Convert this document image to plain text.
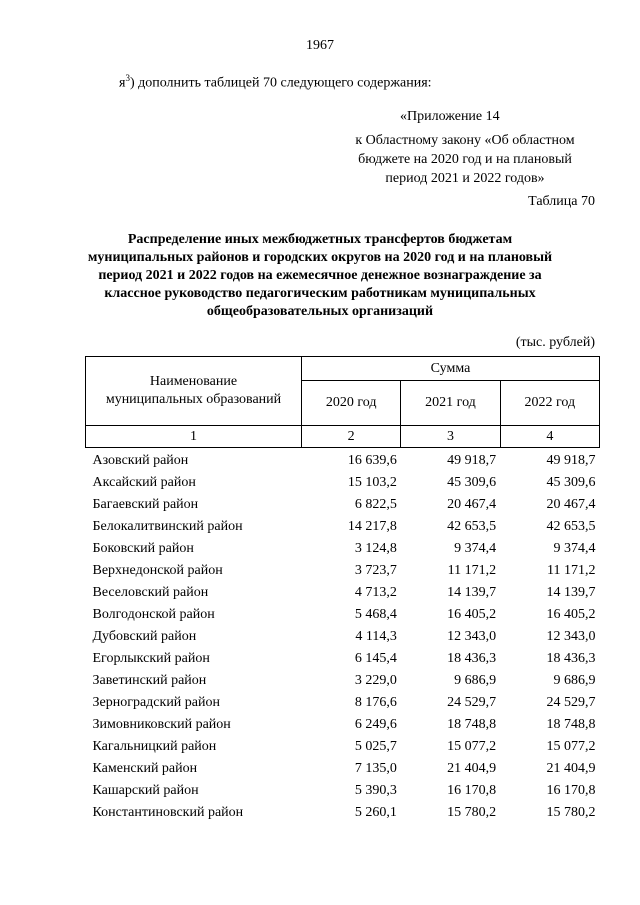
1967
$я^3$) дополнить таблицей 70 следующего содержания:
«Приложение 14
к Областному закону «Об областном
бюджете на 2020 год и на плановый
период 2021 и 2022 годов»
Таблица 70
Распределение иных межбюджетных трансфертов бюджетам
муниципальных районов и городских округов на 2020 год и на плановый
период 2021 и 2022 годов на ежемесячное денежное вознаграждение за
классное руководство педагогическим работникам муниципальных
общеобразовательных организаций
(тыс. рублей)
Наименование
муниципальных образований	Сумма		
	2020 год	2021 год	2022 год
1	2	3	4
Азовский район	16 639,6	49 918,7	49 918,7
Аксайский район	15 103,2	45 309,6	45 309,6
Багаевский район	6 822,5	20 467,4	20 467,4
Белокалитвинский район	14 217,8	42 653,5	42 653,5
Боковский район	3 124,8	9 374,4	9 374,4
Верхнедонской район	3 723,7	11 171,2	11 171,2
Веселовский район	4 713,2	14 139,7	14 139,7
Волгодонской район	5 468,4	16 405,2	16 405,2
Дубовский район	4 114,3	12 343,0	12 343,0
Егорлыкский район	6 145,4	18 436,3	18 436,3
Заветинский район	3 229,0	9 686,9	9 686,9
Зерноградский район	8 176,6	24 529,7	24 529,7
Зимовниковский район	6 249,6	18 748,8	18 748,8
Кагальницкий район	5 025,7	15 077,2	15 077,2
Каменский район	7 135,0	21 404,9	21 404,9
Кашарский район	5 390,3	16 170,8	16 170,8
Константиновский район	5 260,1	15 780,2	15 780,2
